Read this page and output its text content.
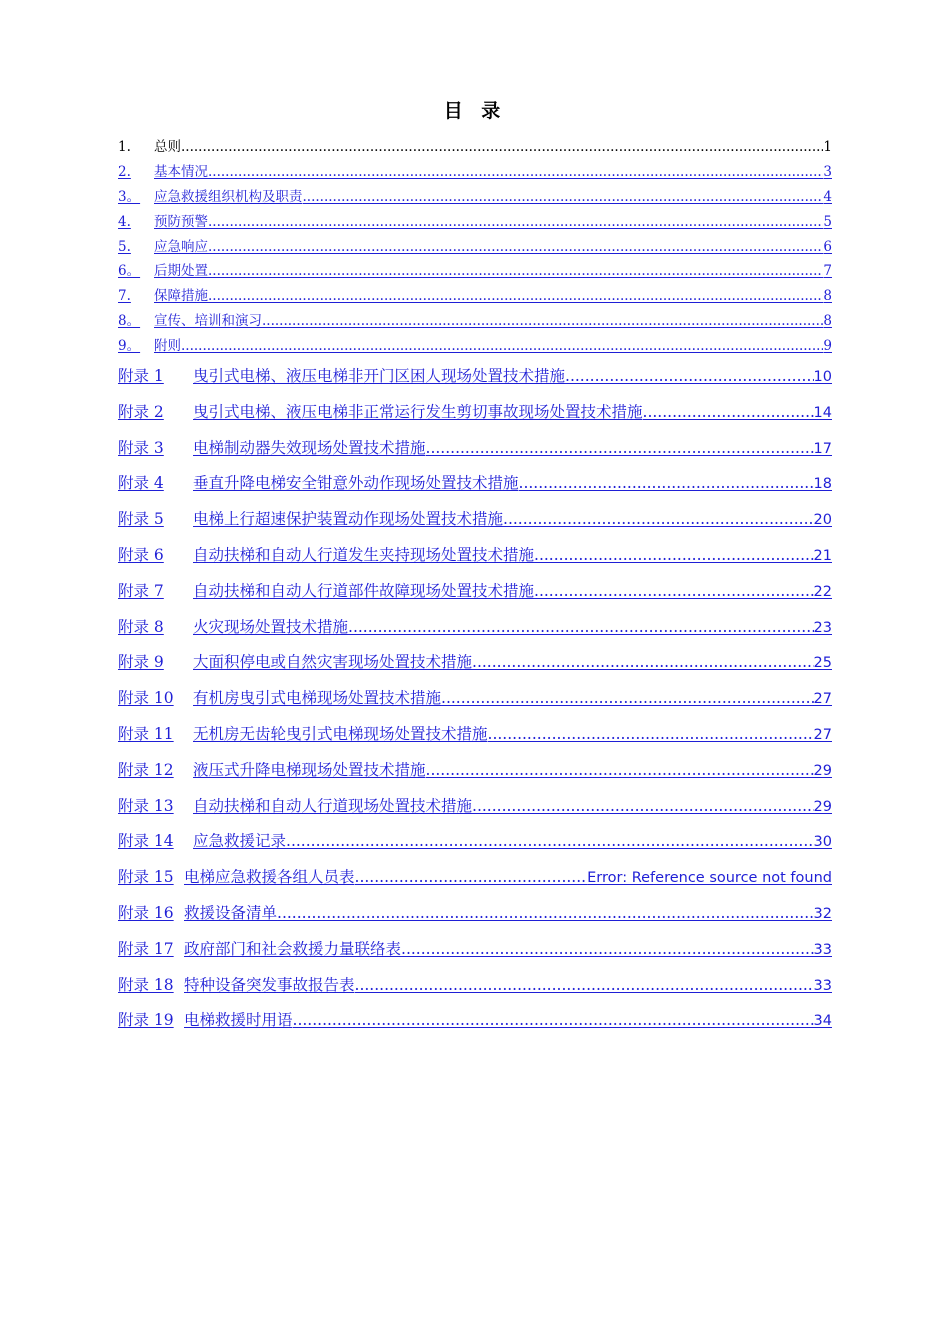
目 录
1.	总则 .....	1
2.	基本情况 .....	3
3。	应急救援组织机构及职责 .....	4
4.	预防预警 .....	5
5.	应急响应 .....	6
6。	后期处置 .....	7
7.	保障措施 .....	8
8。	宣传、培训和演习 .....	8
9。	附则 .....	9
附录 1	曳引式电梯、液压电梯非开门区困人现场处置技术措施 .....	10
附录 2	曳引式电梯、液压电梯非正常运行发生剪切事故现场处置技术措施 .....	14
附录 3	电梯制动器失效现场处置技术措施 .....	17
附录 4	垂直升降电梯安全钳意外动作现场处置技术措施 .....	18
附录 5	电梯上行超速保护装置动作现场处置技术措施 .....	20
附录 6	自动扶梯和自动人行道发生夹持现场处置技术措施 .....	21
附录 7	自动扶梯和自动人行道部件故障现场处置技术措施 .....	22
附录 8	火灾现场处置技术措施 .....	23
附录 9	大面积停电或自然灾害现场处置技术措施 .....	25
附录 10	有机房曳引式电梯现场处置技术措施 .....	27
附录 11	无机房无齿轮曳引式电梯现场处置技术措施 .....	27
附录 12	液压式升降电梯现场处置技术措施 .....	29
附录 13	自动扶梯和自动人行道现场处置技术措施 .....	29
附录 14	应急救援记录 .....	30
附录 15 电梯应急救援各组人员表 .....	Error: Reference source not found
附录 16 救援设备清单 .....	32
附录 17 政府部门和社会救援力量联络表 .....	33
附录 18 特种设备突发事故报告表 .....	33
附录 19 电梯救援时用语 .....	34
